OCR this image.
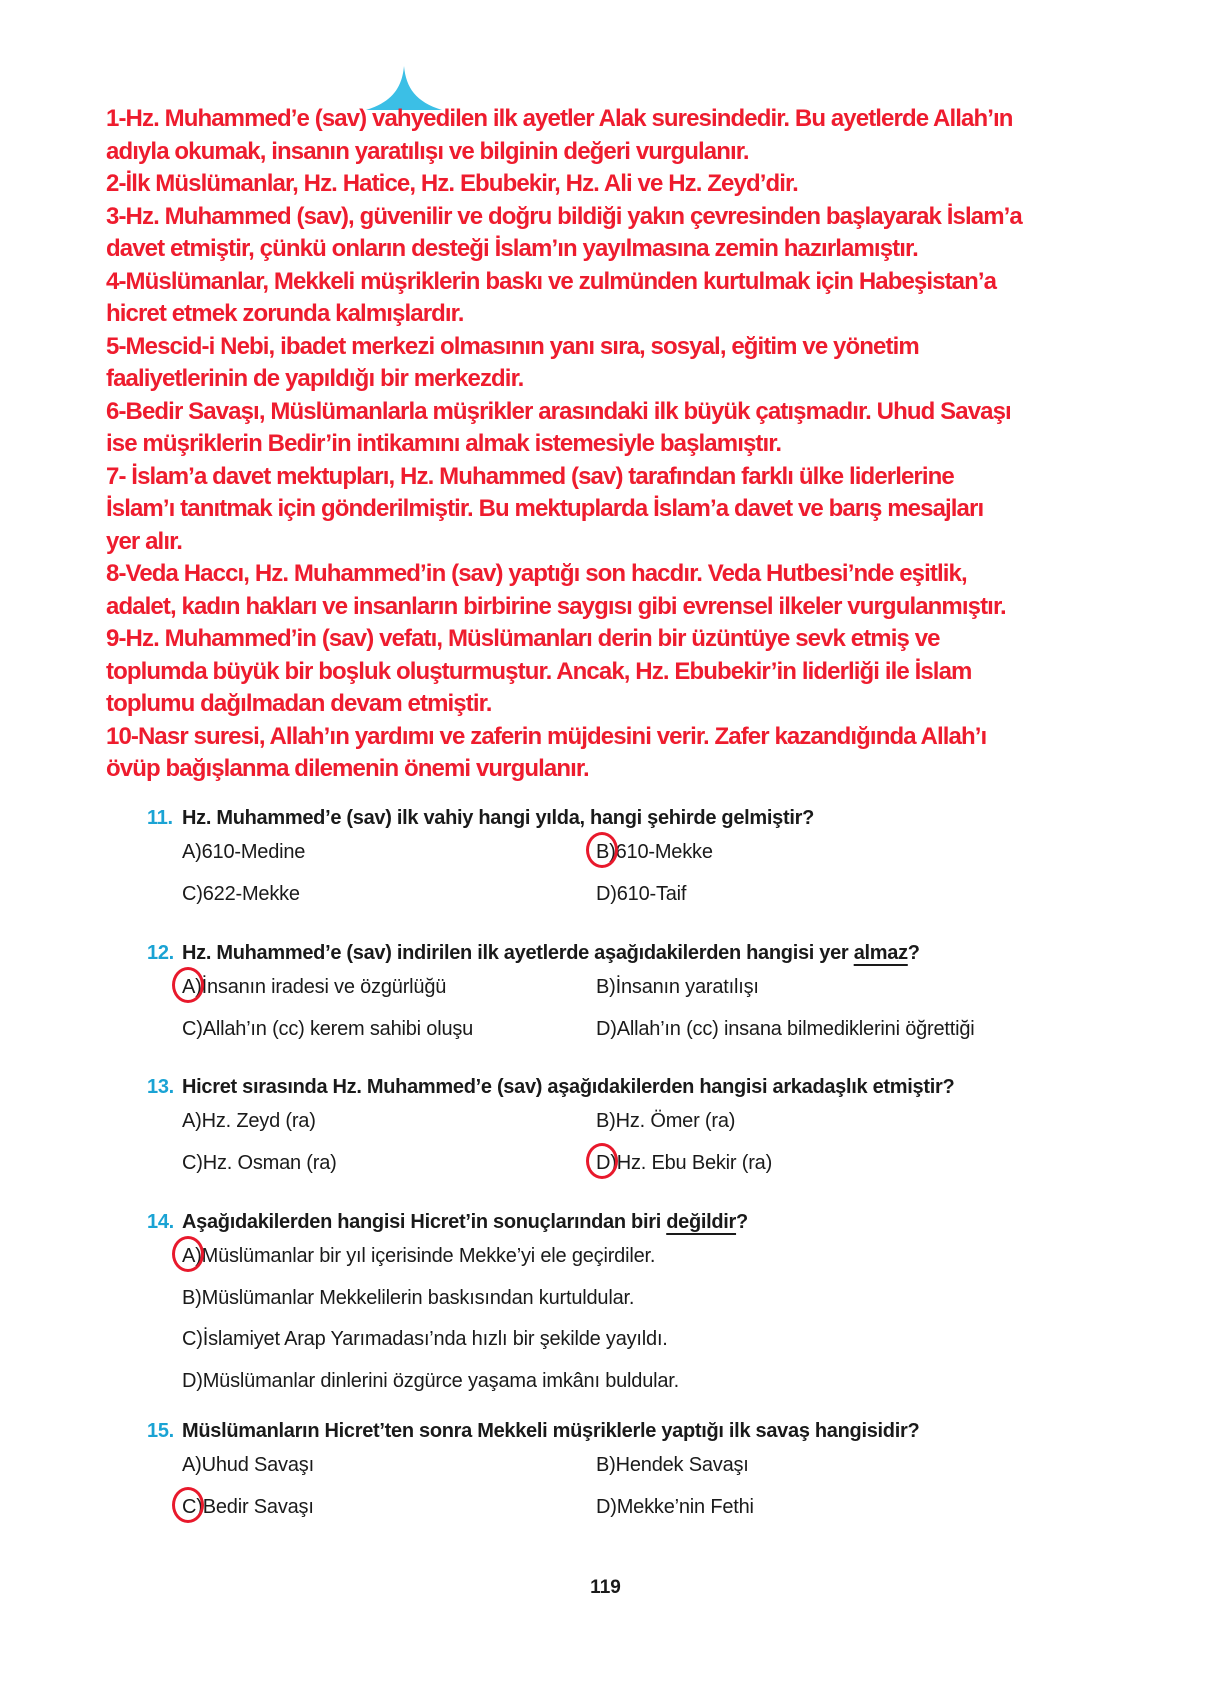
1-Hz. Muhammed’e (sav) vahyedilen ilk ayetler Alak suresindedir. Bu ayetlerde Allah’ın
adıyla okumak, insanın yaratılışı ve bilginin değeri vurgulanır.
2-İlk Müslümanlar, Hz. Hatice, Hz. Ebubekir, Hz. Ali ve Hz. Zeyd’dir.
3-Hz. Muhammed (sav), güvenilir ve doğru bildiği yakın çevresinden başlayarak İslam’a
davet etmiştir, çünkü onların desteği İslam’ın yayılmasına zemin hazırlamıştır.
4-Müslümanlar, Mekkeli müşriklerin baskı ve zulmünden kurtulmak için Habeşistan’a
hicret etmek zorunda kalmışlardır.
5-Mescid-i Nebi, ibadet merkezi olmasının yanı sıra, sosyal, eğitim ve yönetim
faaliyetlerinin de yapıldığı bir merkezdir.
6-Bedir Savaşı, Müslümanlarla müşrikler arasındaki ilk büyük çatışmadır. Uhud Savaşı
ise müşriklerin Bedir’in intikamını almak istemesiyle başlamıştır.
7- İslam’a davet mektupları, Hz. Muhammed (sav) tarafından farklı ülke liderlerine
İslam’ı tanıtmak için gönderilmiştir. Bu mektuplarda İslam’a davet ve barış mesajları
yer alır.
8-Veda Haccı, Hz. Muhammed’in (sav) yaptığı son hacdır. Veda Hutbesi’nde eşitlik,
adalet, kadın hakları ve insanların birbirine saygısı gibi evrensel ilkeler vurgulanmıştır.
9-Hz. Muhammed’in (sav) vefatı, Müslümanları derin bir üzüntüye sevk etmiş ve
toplumda büyük bir boşluk oluşturmuştur. Ancak, Hz. Ebubekir’in liderliği ile İslam
toplumu dağılmadan devam etmiştir.
10-Nasr suresi, Allah’ın yardımı ve zaferin müjdesini verir. Zafer kazandığında Allah’ı
övüp bağışlanma dilemenin önemi vurgulanır.
11. Hz. Muhammed’e (sav) ilk vahiy hangi yılda, hangi şehirde gelmiştir?
A)610-Medine	B)610-Mekke
C)622-Mekke	D)610-Taif
12. Hz. Muhammed’e (sav) indirilen ilk ayetlerde aşağıdakilerden hangisi yer almaz?
A)İnsanın iradesi ve özgürlüğü	B)İnsanın yaratılışı
C)Allah’ın (cc) kerem sahibi oluşu	D)Allah’ın (cc) insana bilmediklerini öğrettiği
13. Hicret sırasında Hz. Muhammed’e (sav) aşağıdakilerden hangisi arkadaşlık etmiştir?
A)Hz. Zeyd (ra)	B)Hz. Ömer (ra)
C)Hz. Osman (ra)	D)Hz. Ebu Bekir (ra)
14. Aşağıdakilerden hangisi Hicret’in sonuçlarından biri değildir?
A)Müslümanlar bir yıl içerisinde Mekke’yi ele geçirdiler.
B)Müslümanlar Mekkelilerin baskısından kurtuldular.
C)İslamiyet Arap Yarımadası’nda hızlı bir şekilde yayıldı.
D)Müslümanlar dinlerini özgürce yaşama imkânı buldular.
15. Müslümanların Hicret’ten sonra Mekkeli müşriklerle yaptığı ilk savaş hangisidir?
A)Uhud Savaşı	B)Hendek Savaşı
C)Bedir Savaşı	D)Mekke’nin Fethi
119
